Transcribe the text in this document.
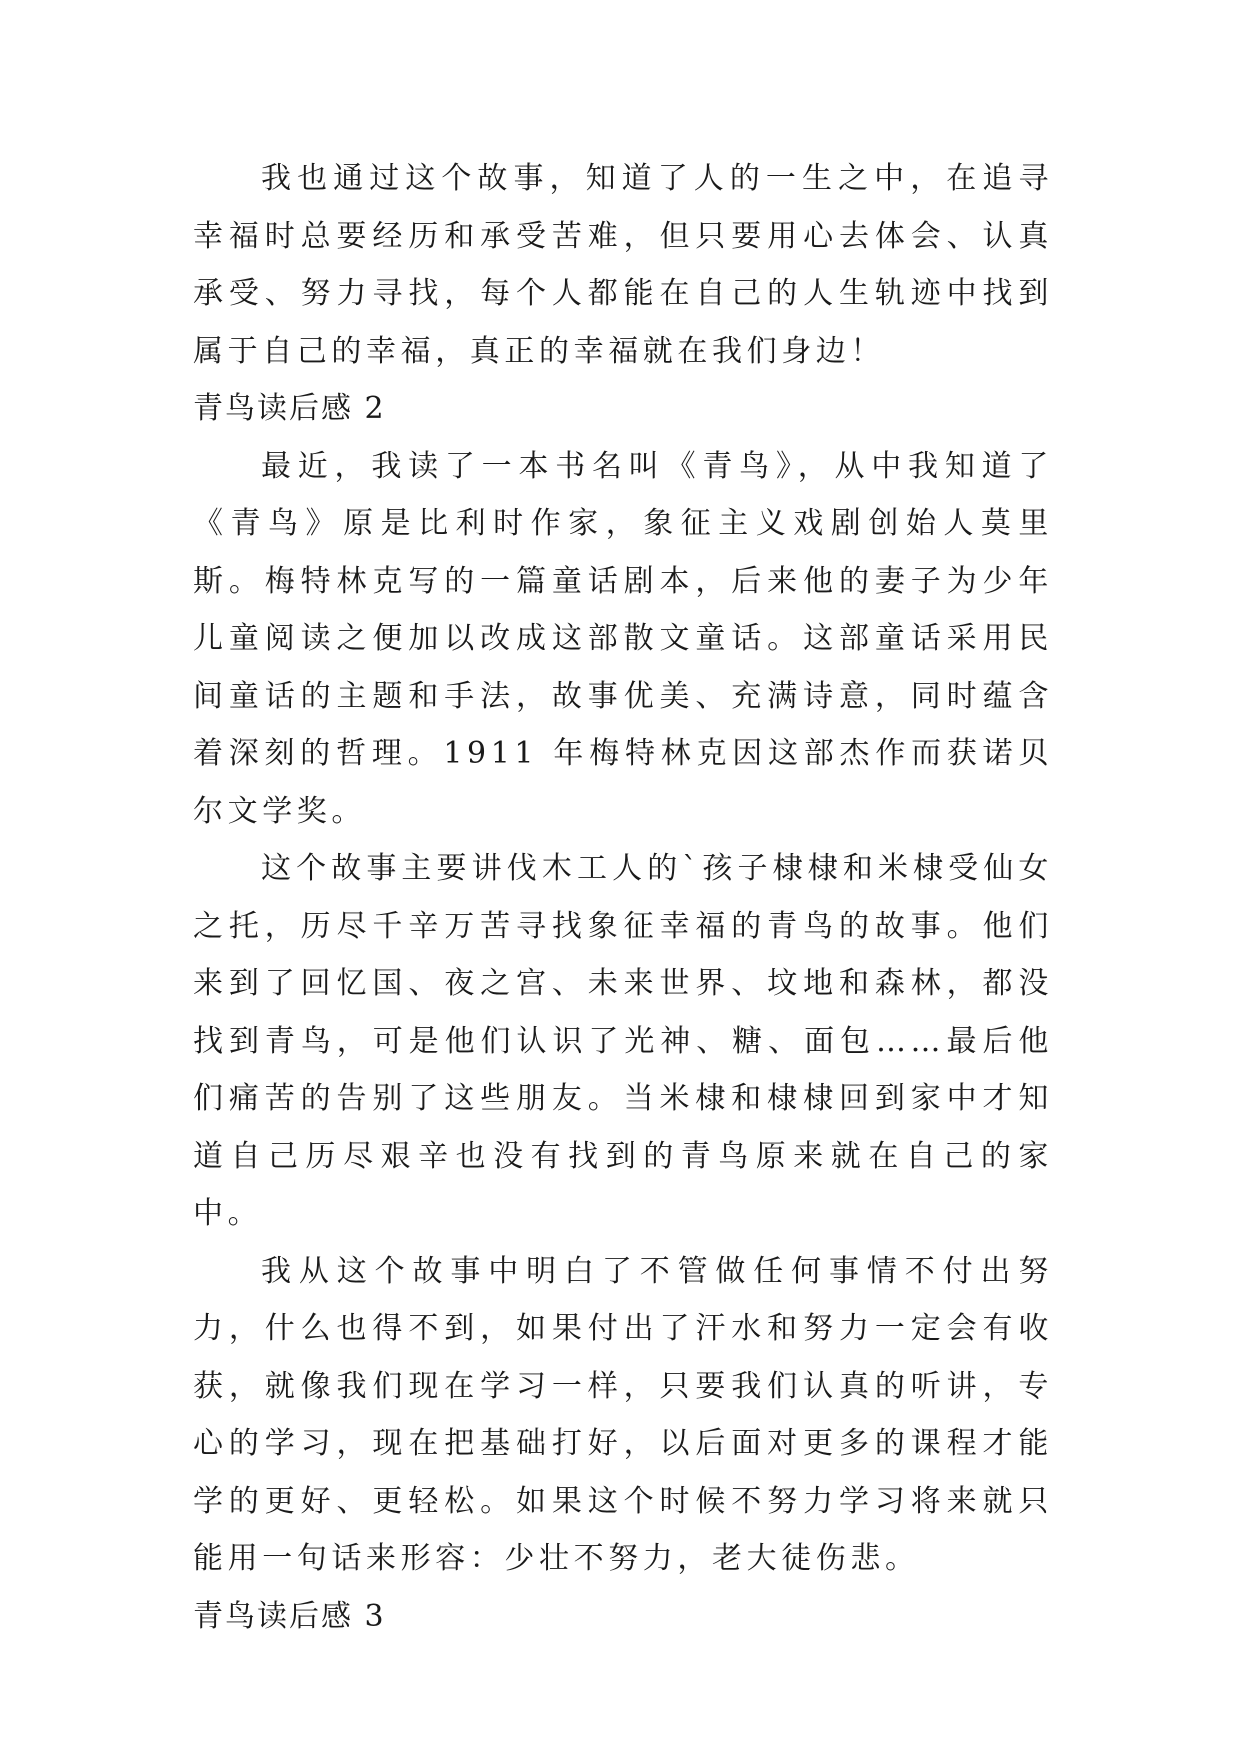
我也通过这个故事，知道了人的一生之中，在追寻幸福时总要经历和承受苦难，但只要用心去体会、认真承受、努力寻找，每个人都能在自己的人生轨迹中找到属于自己的幸福，真正的幸福就在我们身边！

青鸟读后感 2

最近，我读了一本书名叫《青鸟》，从中我知道了《青鸟》原是比利时作家，象征主义戏剧创始人莫里斯。梅特林克写的一篇童话剧本，后来他的妻子为少年儿童阅读之便加以改成这部散文童话。这部童话采用民间童话的主题和手法，故事优美、充满诗意，同时蕴含着深刻的哲理。1911 年梅特林克因这部杰作而获诺贝尔文学奖。

这个故事主要讲伐木工人的`孩子棣棣和米棣受仙女之托，历尽千辛万苦寻找象征幸福的青鸟的故事。他们来到了回忆国、夜之宫、未来世界、坟地和森林，都没找到青鸟，可是他们认识了光神、糖、面包……最后他们痛苦的告别了这些朋友。当米棣和棣棣回到家中才知道自己历尽艰辛也没有找到的青鸟原来就在自己的家中。

我从这个故事中明白了不管做任何事情不付出努力，什么也得不到，如果付出了汗水和努力一定会有收获，就像我们现在学习一样，只要我们认真的听讲，专心的学习，现在把基础打好，以后面对更多的课程才能学的更好、更轻松。如果这个时候不努力学习将来就只能用一句话来形容：少壮不努力，老大徒伤悲。

青鸟读后感 3
